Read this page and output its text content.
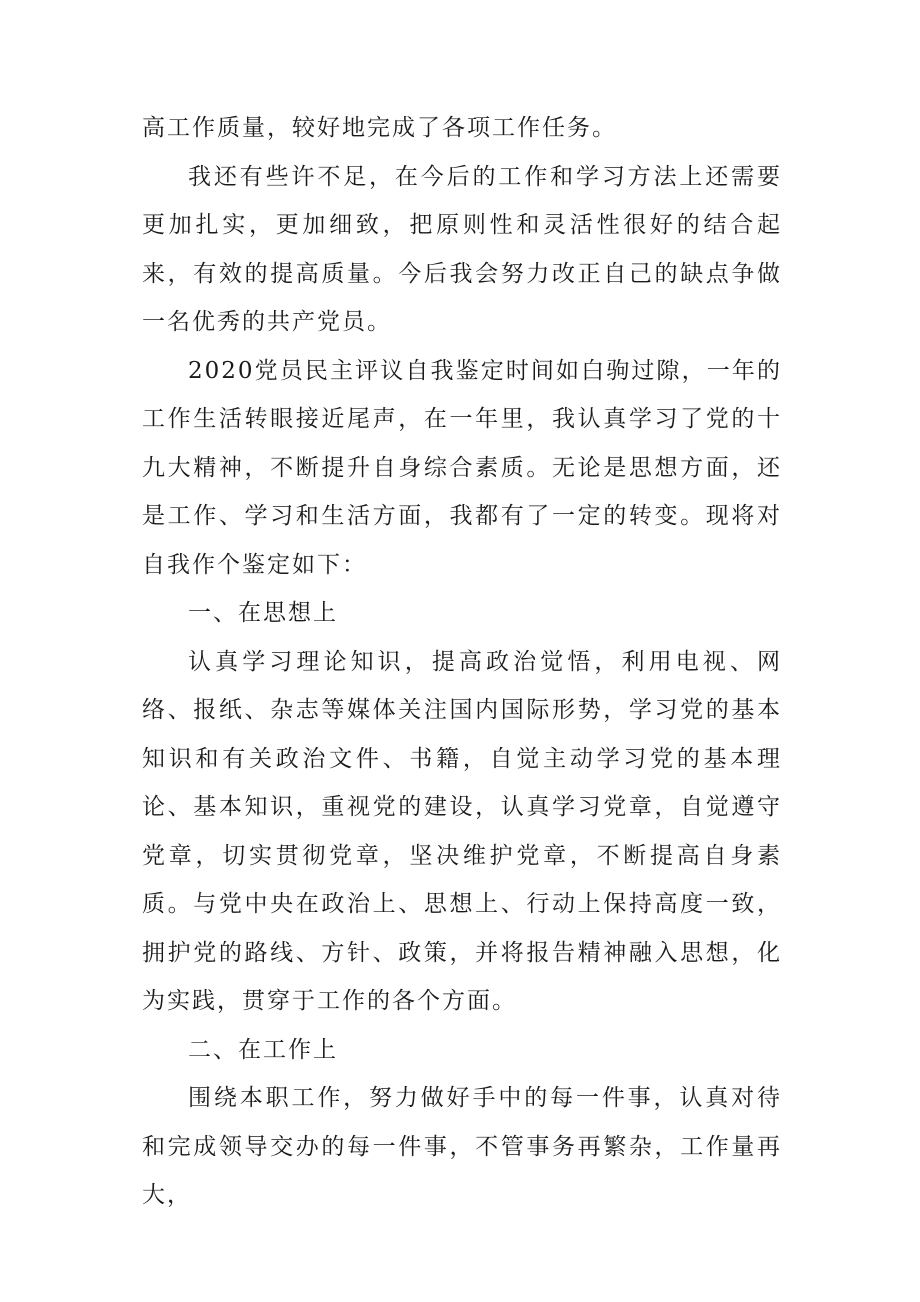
高工作质量，较好地完成了各项工作任务。

我还有些许不足，在今后的工作和学习方法上还需要更加扎实，更加细致，把原则性和灵活性很好的结合起来，有效的提高质量。今后我会努力改正自己的缺点争做一名优秀的共产党员。

2020党员民主评议自我鉴定时间如白驹过隙，一年的工作生活转眼接近尾声，在一年里，我认真学习了党的十九大精神，不断提升自身综合素质。无论是思想方面，还是工作、学习和生活方面，我都有了一定的转变。现将对自我作个鉴定如下：

一、在思想上

认真学习理论知识，提高政治觉悟，利用电视、网络、报纸、杂志等媒体关注国内国际形势，学习党的基本知识和有关政治文件、书籍，自觉主动学习党的基本理论、基本知识，重视党的建设，认真学习党章，自觉遵守党章，切实贯彻党章，坚决维护党章，不断提高自身素质。与党中央在政治上、思想上、行动上保持高度一致，拥护党的路线、方针、政策，并将报告精神融入思想，化为实践，贯穿于工作的各个方面。

二、在工作上

围绕本职工作，努力做好手中的每一件事，认真对待和完成领导交办的每一件事，不管事务再繁杂，工作量再大，
